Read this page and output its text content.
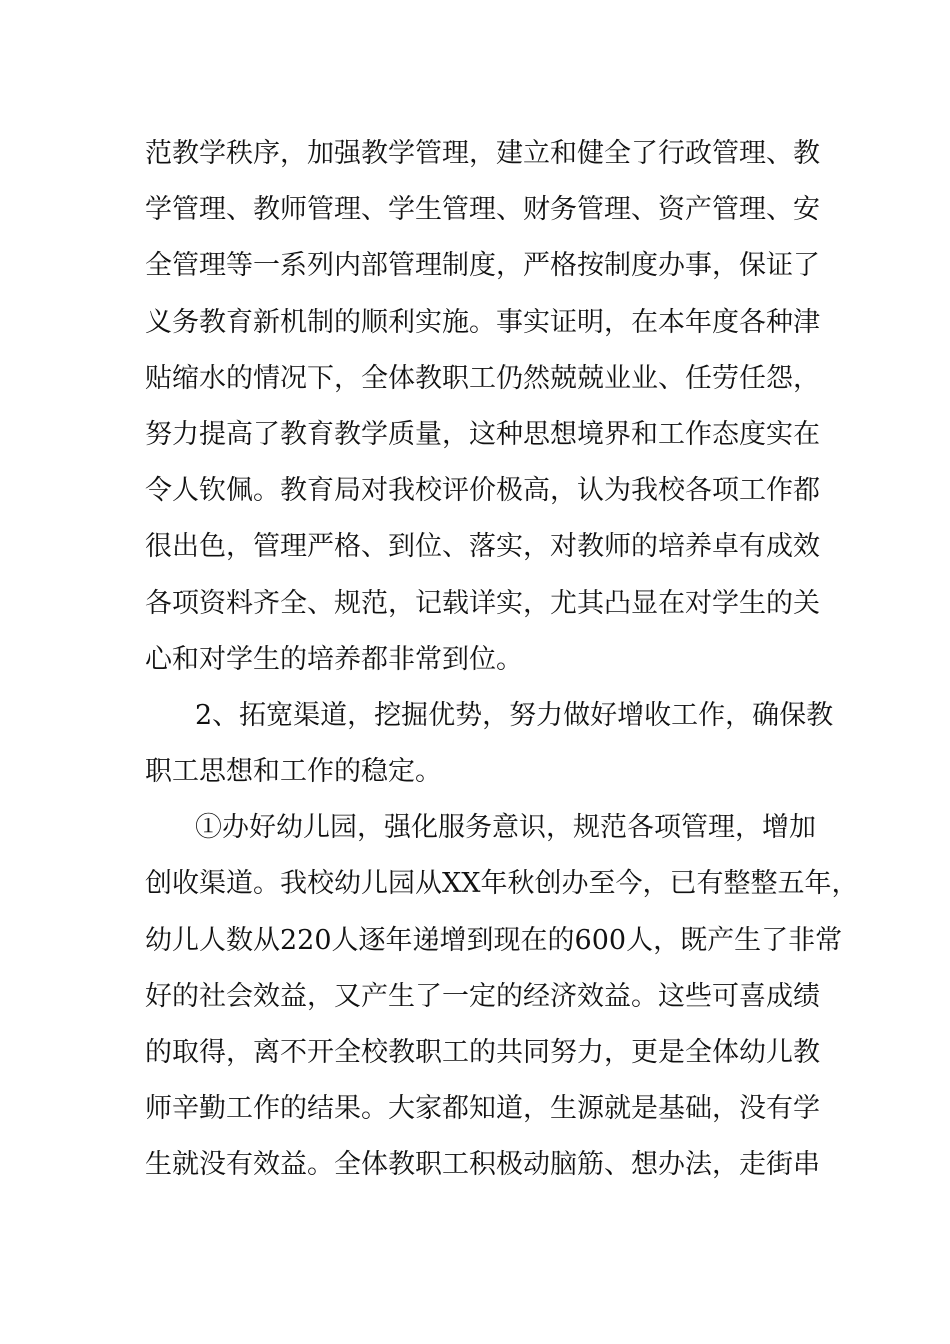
范教学秩序，加强教学管理，建立和健全了行政管理、教
学管理、教师管理、学生管理、财务管理、资产管理、安
全管理等一系列内部管理制度，严格按制度办事，保证了
义务教育新机制的顺利实施。事实证明，在本年度各种津
贴缩水的情况下，全体教职工仍然兢兢业业、任劳任怨，
努力提高了教育教学质量，这种思想境界和工作态度实在
令人钦佩。教育局对我校评价极高，认为我校各项工作都
很出色，管理严格、到位、落实，对教师的培养卓有成效
各项资料齐全、规范，记载详实，尤其凸显在对学生的关
心和对学生的培养都非常到位。
2、拓宽渠道，挖掘优势，努力做好增收工作，确保教
职工思想和工作的稳定。
①办好幼儿园，强化服务意识，规范各项管理，增加
创收渠道。我校幼儿园从XX年秋创办至今，已有整整五年，
幼儿人数从220人逐年递增到现在的600人，既产生了非常
好的社会效益，又产生了一定的经济效益。这些可喜成绩
的取得，离不开全校教职工的共同努力，更是全体幼儿教
师辛勤工作的结果。大家都知道，生源就是基础，没有学
生就没有效益。全体教职工积极动脑筋、想办法，走街串
